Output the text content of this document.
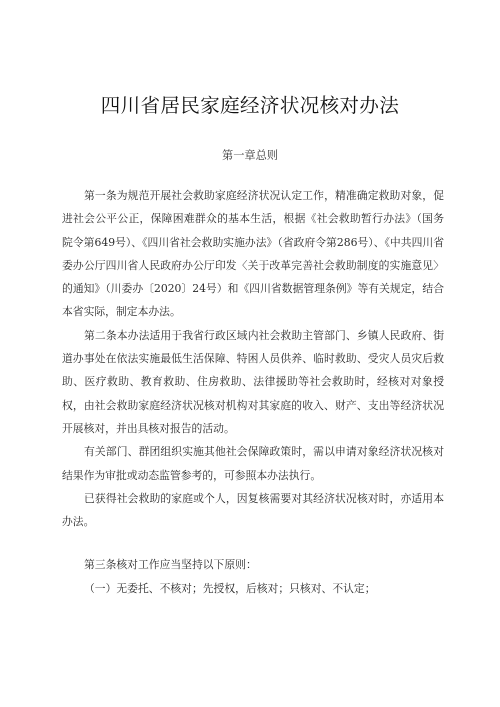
四川省居民家庭经济状况核对办法
第一章总则

第一条为规范开展社会救助家庭经济状况认定工作，精准确定救助对象，促进社会公平公正，保障困难群众的基本生活，根据《社会救助暂行办法》（国务院令第649号）、《四川省社会救助实施办法》（省政府令第286号）、《中共四川省委办公厅四川省人民政府办公厅印发〈关于改革完善社会救助制度的实施意见〉的通知》（川委办〔2020〕24号）和《四川省数据管理条例》等有关规定，结合本省实际，制定本办法。

第二条本办法适用于我省行政区域内社会救助主管部门、乡镇人民政府、街道办事处在依法实施最低生活保障、特困人员供养、临时救助、受灾人员灾后救助、医疗救助、教育救助、住房救助、法律援助等社会救助时，经核对对象授权，由社会救助家庭经济状况核对机构对其家庭的收入、财产、支出等经济状况开展核对，并出具核对报告的活动。

有关部门、群团组织实施其他社会保障政策时，需以申请对象经济状况核对结果作为审批或动态监管参考的，可参照本办法执行。

已获得社会救助的家庭或个人，因复核需要对其经济状况核对时，亦适用本办法。

第三条核对工作应当坚持以下原则：

（一）无委托、不核对；先授权，后核对；只核对、不认定；
